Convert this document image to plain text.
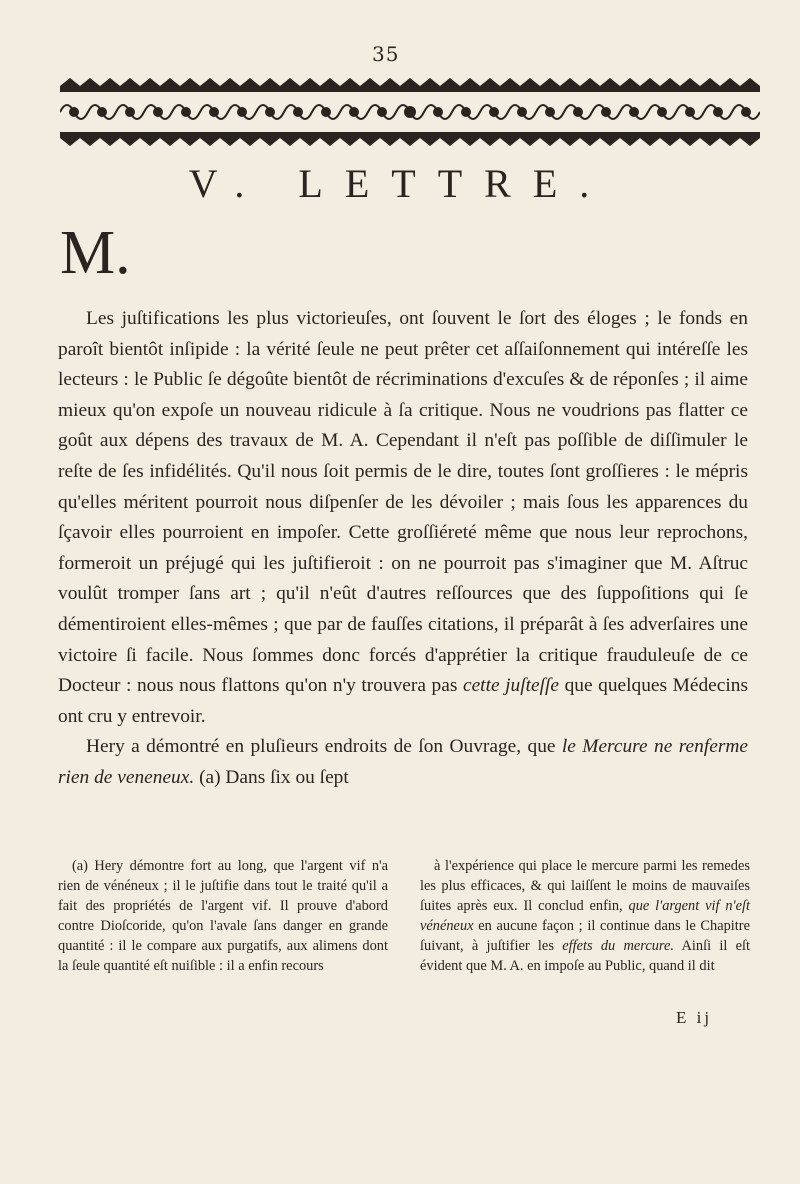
35
V. LETTRE.
M.

Les juſtifications les plus victorieuſes, ont ſouvent le ſort des éloges ; le fonds en paroît bientôt inſipide : la vérité ſeule ne peut prêter cet aſſaiſonnement qui intéreſſe les lecteurs : le Public ſe dégoûte bientôt de récriminations d'excuſes & de réponſes ; il aime mieux qu'on expoſe un nouveau ridicule à ſa critique. Nous ne voudrions pas flatter ce goût aux dépens des travaux de M. A. Cependant il n'eſt pas poſſible de diſſimuler le reſte de ſes infidélités. Qu'il nous ſoit permis de le dire, toutes ſont groſſieres : le mépris qu'elles méritent pourroit nous diſpenſer de les dévoiler ; mais ſous les apparences du ſçavoir elles pourroient en impoſer. Cette groſſiéreté même que nous leur reprochons, formeroit un préjugé qui les juſtifieroit : on ne pourroit pas s'imaginer que M. Aſtruc voulût tromper ſans art ; qu'il n'eût d'autres reſſources que des ſuppoſitions qui ſe démentiroient elles-mêmes ; que par de fauſſes citations, il préparât à ſes adverſaires une victoire ſi facile. Nous ſommes donc forcés d'apprétier la critique frauduleuſe de ce Docteur : nous nous flattons qu'on n'y trouvera pas cette juſteſſe que quelques Médecins ont cru y entrevoir.

Hery a démontré en pluſieurs endroits de ſon Ouvrage, que le Mercure ne renferme rien de veneneux. (a) Dans ſix ou ſept

(a) Hery démontre fort au long, que l'argent vif n'a rien de vénéneux ; il le juſtifie dans tout le traité qu'il a fait des propriétés de l'argent vif. Il prouve d'abord contre Dioſcoride, qu'on l'avale ſans danger en grande quantité : il le compare aux purgatifs, aux alimens dont la ſeule quantité eſt nuiſible : il a enfin recours

à l'expérience qui place le mercure parmi les remedes les plus efficaces, & qui laiſſent le moins de mauvaiſes ſuites après eux. Il conclud enfin, que l'argent vif n'eſt vénéneux en aucune façon ; il continue dans le Chapitre ſuivant, à juſtifier les effets du mercure. Ainſi il eſt évident que M. A. en impoſe au Public, quand il dit

E ij
